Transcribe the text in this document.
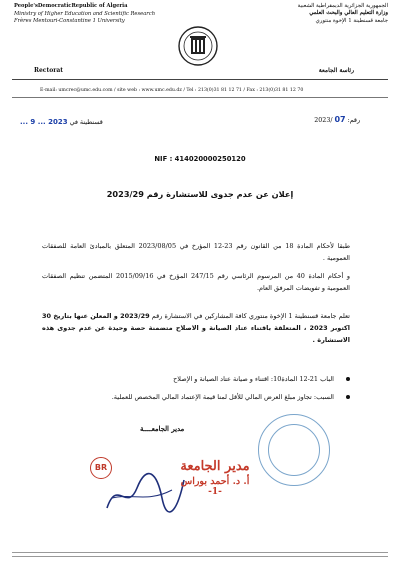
People'sDemocraticRepublic of Algeria
Ministry of Higher Education and Scientific Research
Frères Mentouri-Constantine 1 University
الجمهورية الجزائرية الديمقراطية الشعبية
وزارة التعليم العالي والبحث العلمي
جامعة قسنطينة 1 الإخوة منتوري
Rectorat	رئاسة الجامعة
E-mail: umcrec@umc.edu.com / site web : www.umc.edu.dz / Tel : 213(0)31 81 12 71 / Fax : 213(0)31 81 12 70
قسنطينة في 2023 ... 9 ...	رقم: 07 /2023
NIF : 414020000250120
إعلان عن عدم جدوى للاستشارة رقم 2023/29
طبقا لأحكام المادة 18 من القانون رقم 23-12 المؤرخ في 2023/08/05 المتعلق بالمبادئ العامة للصفقات العمومية .
و أحكام المادة 40 من المرسوم الرئاسي رقم 247/15 المؤرخ في 2015/09/16 المتضمن تنظيم الصفقات العمومية و تفويضات المرفق العام.
تعلم جامعة قسنطينة 1 الإخوة منتوري كافة المشاركين في الاستشارة رقم 2023/29 و المعلن عنها بتاريخ 30 اكتوبر 2023 ، المتعلقة باقتناء عتاد الصيانة و الاصلاح متضمنة حصة وحيدة عن عدم جدوى هذه الاستشارة .
الباب 21-12 المادة10: اقتناء و صيانة عتاد الصيانة و الإصلاح
السبب: تجاوز مبلغ العرض المالي للأقل لمنا قيمة الإعتماد المالي المخصص للعملية.
مدير الجامعــــة
BR	مدير الجامعة
أ. د. أحمد بوراس
-1-
